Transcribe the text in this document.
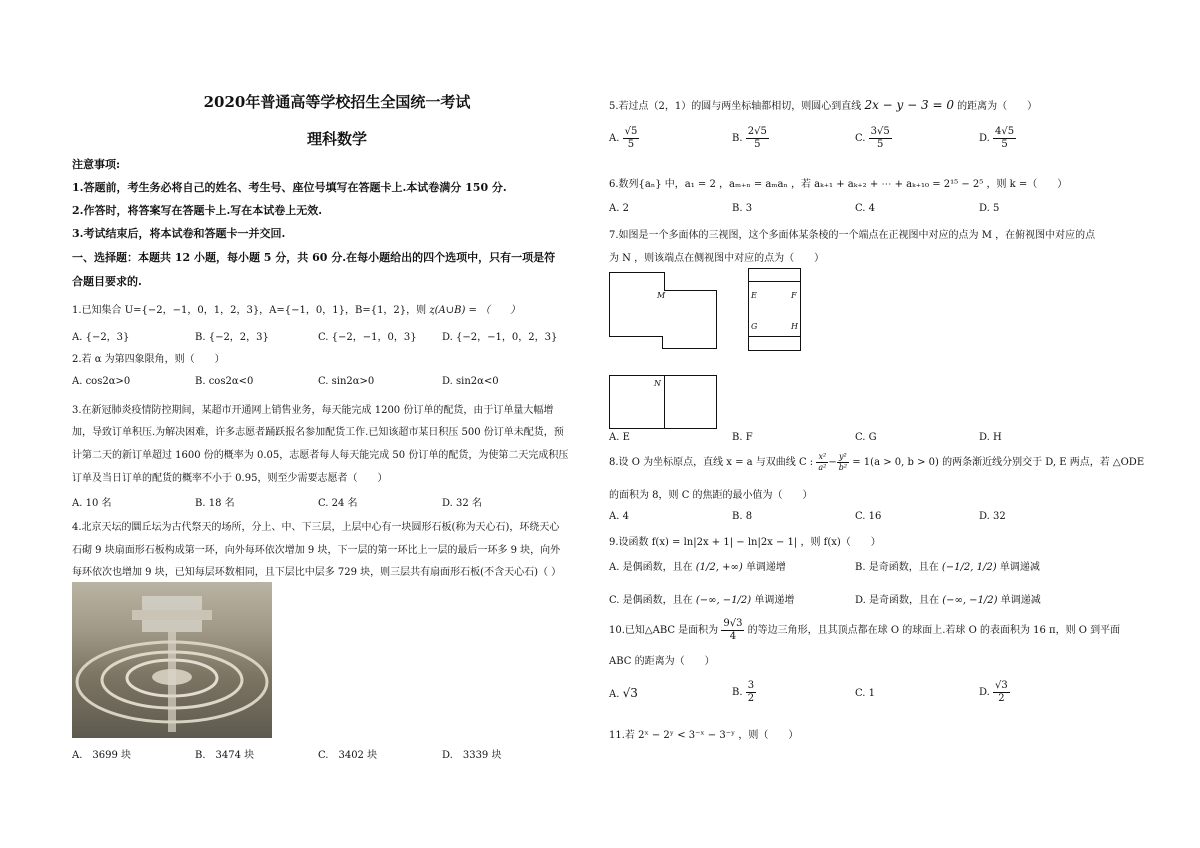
2020年普通高等学校招生全国统一考试
理科数学
注意事项:
1.答题前，考生务必将自己的姓名、考生号、座位号填写在答题卡上.本试卷满分 150 分.
2.作答时，将答案写在答题卡上.写在本试卷上无效.
3.考试结束后，将本试卷和答题卡一并交回.
一、选择题：本题共 12 小题，每小题 5 分，共 60 分.在每小题给出的四个选项中，只有一项是符
合题目要求的.
1.已知集合 U={−2，−1，0，1，2，3}，A={−1，0，1}，B={1，2}，则 ⱬ(A∪B) = （　　）
A. {−2，3}	B. {−2，2，3}	C. {−2，−1，0，3}	D. {−2，−1，0，2，3}
2.若 α 为第四象限角，则（　　）
A. cos2α>0	B. cos2α<0	C. sin2α>0	D. sin2α<0
3.在新冠肺炎疫情防控期间，某超市开通网上销售业务，每天能完成 1200 份订单的配货，由于订单量大幅增
加，导致订单积压.为解决困难，许多志愿者踊跃报名参加配货工作.已知该超市某日积压 500 份订单未配货，预
计第二天的新订单超过 1600 份的概率为 0.05，志愿者每人每天能完成 50 份订单的配货，为使第二天完成积压
订单及当日订单的配货的概率不小于 0.95，则至少需要志愿者（　　）
A. 10 名	B. 18 名	C. 24 名	D. 32 名
4.北京天坛的圜丘坛为古代祭天的场所，分上、中、下三层，上层中心有一块圆形石板(称为天心石)，环绕天心
石砌 9 块扇面形石板构成第一环，向外每环依次增加 9 块，下一层的第一环比上一层的最后一环多 9 块，向外
每环依次也增加 9 块，已知每层环数相同，且下层比中层多 729 块，则三层共有扇面形石板(不含天心石)（ ）
A.　3699 块	B.　3474 块	C.　3402 块	D.　3339 块
5.若过点（2，1）的圆与两坐标轴都相切，则圆心到直线 2x − y − 3 = 0 的距离为（　　）
A. $\frac{√5}{5}$	B. $\frac{2√5}{5}$	C. $\frac{3√5}{5}$	D. $\frac{4√5}{5}$
6.数列{aₙ} 中，a₁ = 2 ，aₘ₊ₙ = aₘaₙ ，若 aₖ₊₁ + aₖ₊₂ + ⋯ + aₖ₊₁₀ = 2¹⁵ − 2⁵ ，则 k =（　　）
A. 2	B. 3	C. 4	D. 5
7.如图是一个多面体的三视图，这个多面体某条棱的一个端点在正视图中对应的点为 M ，在俯视图中对应的点
为 N ，则该端点在侧视图中对应的点为（　　）
M	E	F
G	H
N
A. E	B. F	C. G	D. H
8.设 O 为坐标原点，直线 x = a 与双曲线 C : $\frac{\text{x²}}{\text{a²}} - \frac{\text{y²}}{\text{b²}} = 1(a > 0$, b > 0) 的两条渐近线分别交于 D, E 两点，若 △ODE
的面积为 8，则 C 的焦距的最小值为（　　）
A. 4	B. 8	C. 16	D. 32
9.设函数 f(x) = ln|2x + 1| − ln|2x − 1| ，则 f(x)（　　）
A. 是偶函数，且在 (1/2, +∞) 单调递增	B. 是奇函数，且在 (−1/2, 1/2) 单调递减
C. 是偶函数，且在 (−∞, −1/2) 单调递增	D. 是奇函数，且在 (−∞, −1/2) 单调递减
10.已知△ABC 是面积为 $\frac{9√3}{4}$ 的等边三角形，且其顶点都在球 O 的球面上.若球 O 的表面积为 16 π，则 O 到平面
ABC 的距离为（　　）
A. √3	B. $\frac{3}{2}$	C. 1	D. $\frac{√3}{2}$
11.若 2ˣ − 2ʸ < 3⁻ˣ − 3⁻ʸ ，则（　　）
